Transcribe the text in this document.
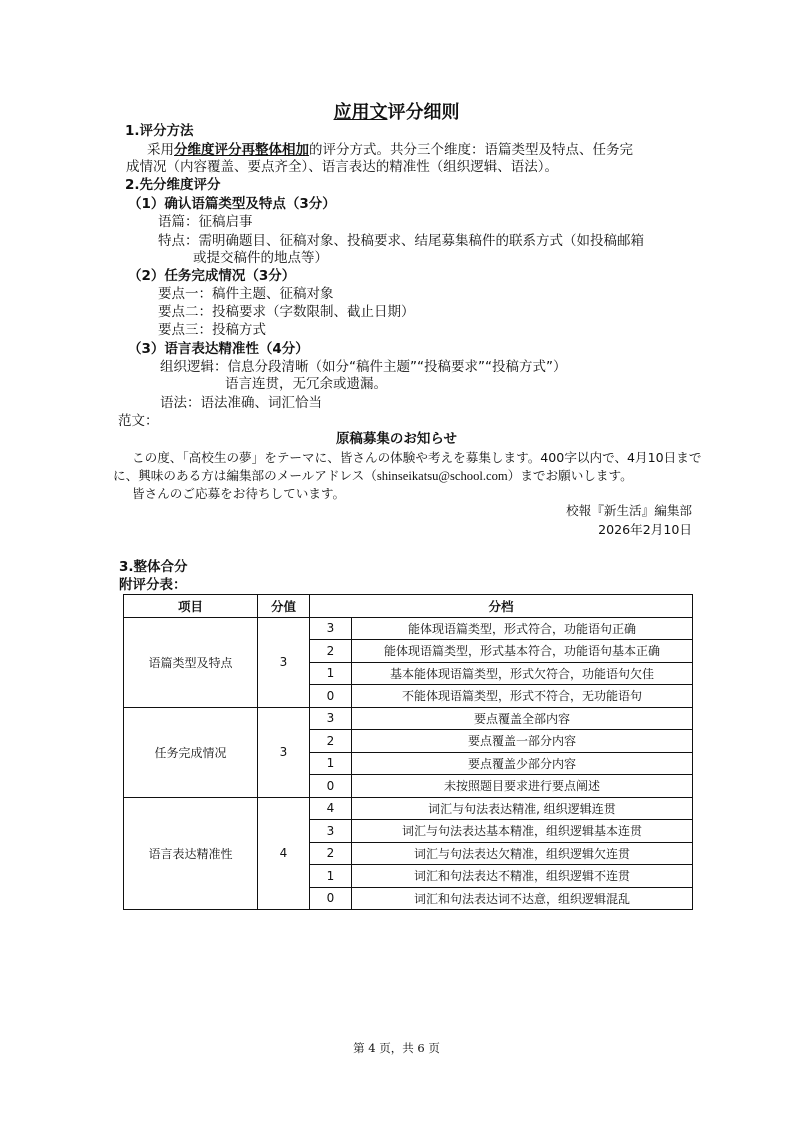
应用文评分细则
1.评分方法
采用分维度评分再整体相加的评分方式。共分三个维度：语篇类型及特点、任务完
成情况（内容覆盖、要点齐全）、语言表达的精准性（组织逻辑、语法）。
2.先分维度评分
（1）确认语篇类型及特点（3分）
语篇：征稿启事
特点：需明确题目、征稿对象、投稿要求、结尾募集稿件的联系方式（如投稿邮箱
或提交稿件的地点等）
（2）任务完成情况（3分）
要点一：稿件主题、征稿对象
要点二：投稿要求（字数限制、截止日期）
要点三：投稿方式
（3）语言表达精准性（4分）
组织逻辑：信息分段清晰（如分“稿件主题”“投稿要求”“投稿方式”）
语言连贯，无冗余或遗漏。
语法：语法准确、词汇恰当
范文：
原稿募集のお知らせ
この度、「高校生の夢」をテーマに、皆さんの体験や考えを募集します。400字以内で、4月10日まで
に、興味のある方は編集部のメールアドレス（shinseikatsu@school.com）までお願いします。
皆さんのご応募をお待ちしています。
校報『新生活』編集部
2026年2月10日
3.整体合分
附评分表：
项目	分值	分档	
语篇类型及特点	3	3	能体现语篇类型，形式符合，功能语句正确
		2	能体现语篇类型，形式基本符合，功能语句基本正确
		1	基本能体现语篇类型，形式欠符合，功能语句欠佳
		0	不能体现语篇类型，形式不符合，无功能语句
任务完成情况	3	3	要点覆盖全部内容
		2	要点覆盖一部分内容
		1	要点覆盖少部分内容
		0	未按照题目要求进行要点阐述
语言表达精准性	4	4	词汇与句法表达精准, 组织逻辑连贯
		3	词汇与句法表达基本精准，组织逻辑基本连贯
		2	词汇与句法表达欠精准，组织逻辑欠连贯
		1	词汇和句法表达不精准，组织逻辑不连贯
		0	词汇和句法表达词不达意，组织逻辑混乱
第 4 页，共 6 页
